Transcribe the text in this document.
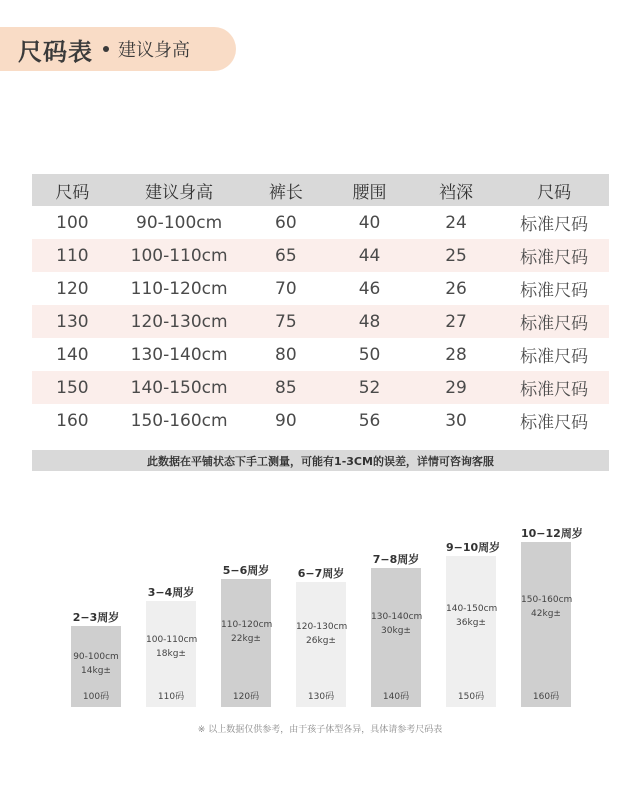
尺码表 建议身高
尺码	建议身高	裤长	腰围	裆深	尺码
100	90-100cm	60	40	24	标准尺码
110	100-110cm	65	44	25	标准尺码
120	110-120cm	70	46	26	标准尺码
130	120-130cm	75	48	27	标准尺码
140	130-140cm	80	50	28	标准尺码
150	140-150cm	85	52	29	标准尺码
160	150-160cm	90	56	30	标准尺码
此数据在平铺状态下手工测量，可能有1-3CM的误差，详情可咨询客服
2−3周岁
90-100cm
14kg±
100码
3−4周岁
100-110cm
18kg±
110码
5−6周岁
110-120cm
22kg±
120码
6−7周岁
120-130cm
26kg±
130码
7−8周岁
130-140cm
30kg±
140码
9−10周岁
140-150cm
36kg±
150码
10−12周岁
150-160cm
42kg±
160码
※ 以上数据仅供参考，由于孩子体型各异，具体请参考尺码表
